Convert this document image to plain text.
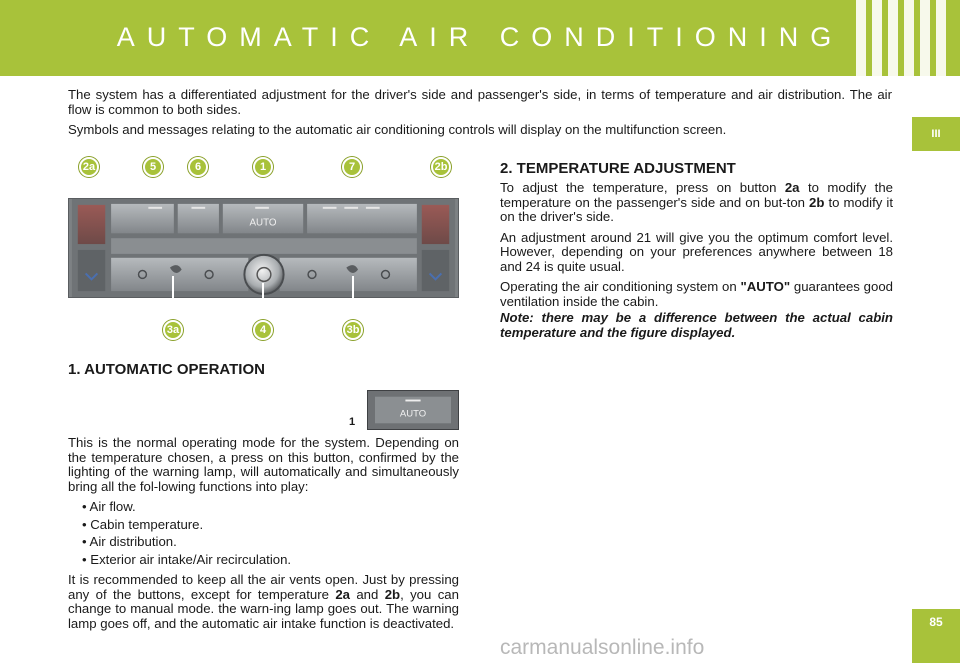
AUTOMATIC AIR CONDITIONING
III
85

The system has a differentiated adjustment for the driver's side and passenger's side, in terms of temperature and air distribution. The air flow is common to both sides.

Symbols and messages relating to the automatic air conditioning controls will display on the multifunction screen.

2a	5	6	1	7	2b
AUTO
3a	4	3b
1. AUTOMATIC OPERATION
1
AUTO

This is the normal operating mode for the system. Depending on the temperature chosen, a press on this button, confirmed by the lighting of the warning lamp, will automatically and simultaneously bring all the fol-lowing functions into play:

• Air flow.
• Cabin temperature.
• Air distribution.
• Exterior air intake/Air recirculation.

It is recommended to keep all the air vents open. Just by pressing any of the buttons, except for temperature 2a and 2b, you can change to manual mode. the warn-ing lamp goes out. The warning lamp goes off, and the automatic air intake function is deactivated.

2. TEMPERATURE ADJUSTMENT

To adjust the temperature, press on button 2a to modify the temperature on the passenger's side and on but-ton 2b to modify it on the driver's side.

An adjustment around 21 will give you the optimum comfort level. However, depending on your preferences anywhere between 18 and 24 is quite usual.

Operating the air conditioning system on "AUTO" guarantees good ventilation inside the cabin.

Note: there may be a difference between the actual cabin temperature and the figure displayed.

carmanualsonline.info
